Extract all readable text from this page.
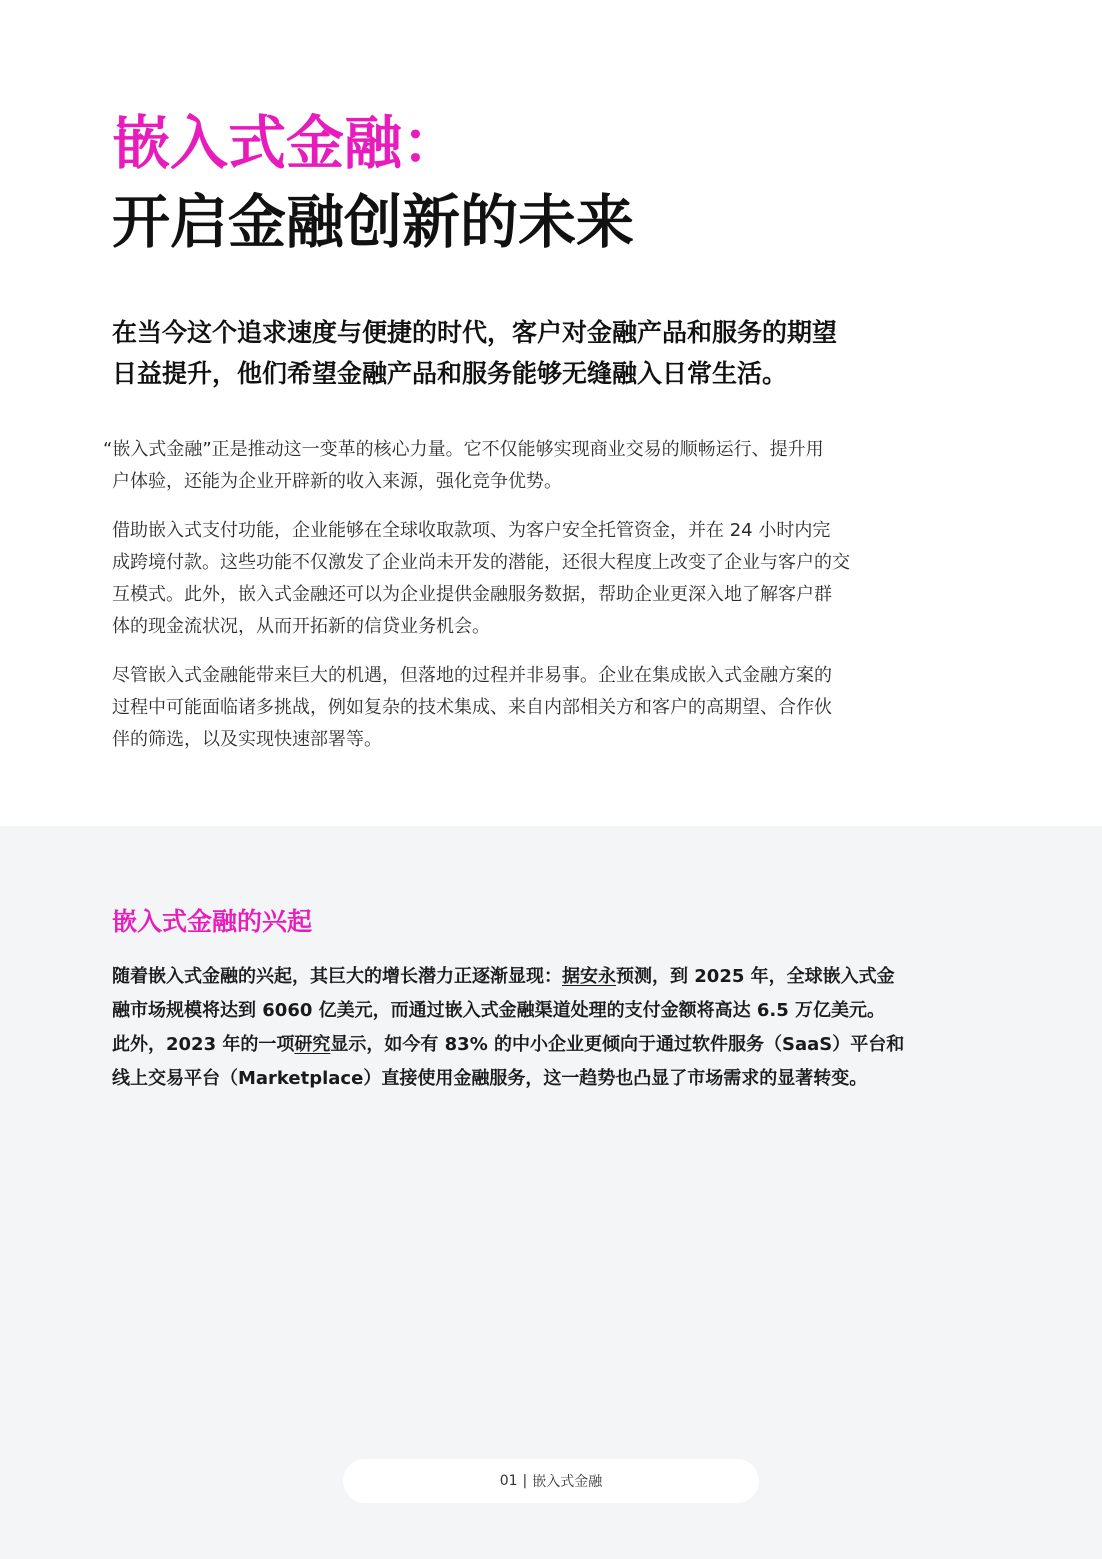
嵌入式金融：
开启金融创新的未来

在当今这个追求速度与便捷的时代，客户对金融产品和服务的期望
日益提升，他们希望金融产品和服务能够无缝融入日常生活。

“嵌入式金融”正是推动这一变革的核心力量。它不仅能够实现商业交易的顺畅运行、提升用
户体验，还能为企业开辟新的收入来源，强化竞争优势。

借助嵌入式支付功能，企业能够在全球收取款项、为客户安全托管资金，并在 24 小时内完
成跨境付款。这些功能不仅激发了企业尚未开发的潜能，还很大程度上改变了企业与客户的交
互模式。此外，嵌入式金融还可以为企业提供金融服务数据，帮助企业更深入地了解客户群
体的现金流状况，从而开拓新的信贷业务机会。

尽管嵌入式金融能带来巨大的机遇，但落地的过程并非易事。企业在集成嵌入式金融方案的
过程中可能面临诸多挑战，例如复杂的技术集成、来自内部相关方和客户的高期望、合作伙
伴的筛选，以及实现快速部署等。

嵌入式金融的兴起

随着嵌入式金融的兴起，其巨大的增长潜力正逐渐显现：据安永预测，到 2025 年，全球嵌入式金
融市场规模将达到 6060 亿美元，而通过嵌入式金融渠道处理的支付金额将高达 6.5 万亿美元。
此外，2023 年的一项研究显示，如今有 83% 的中小企业更倾向于通过软件服务（SaaS）平台和
线上交易平台（Marketplace）直接使用金融服务，这一趋势也凸显了市场需求的显著转变。

01 | 嵌入式金融
